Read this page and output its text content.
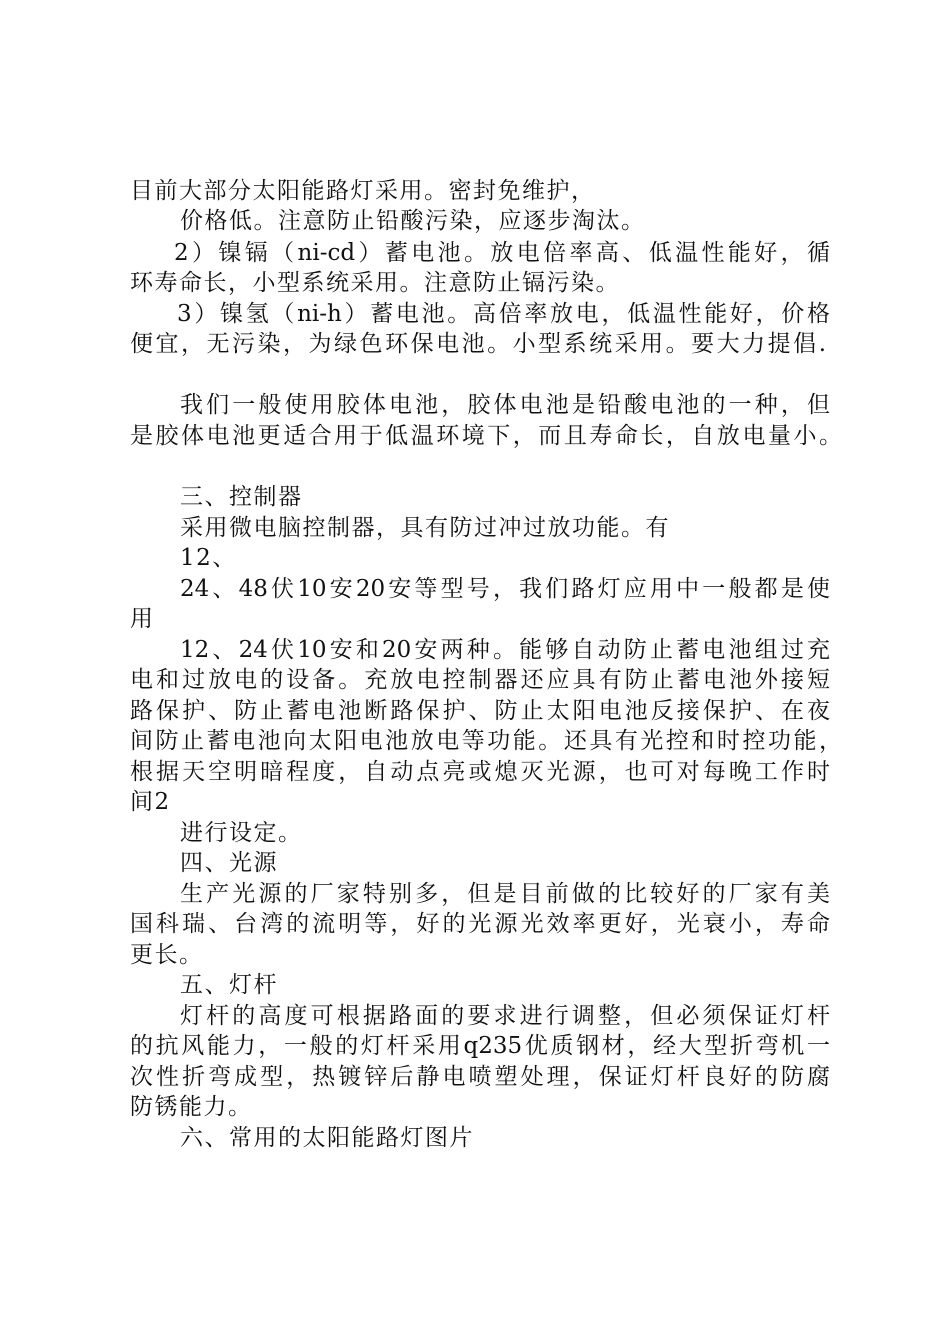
目前大部分太阳能路灯采用。密封免维护，
价格低。注意防止铅酸污染，应逐步淘汰。
2）镍镉（ni-cd）蓄电池。放电倍率高、低温性能好，循
环寿命长，小型系统采用。注意防止镉污染。
3）镍氢（ni-h）蓄电池。高倍率放电，低温性能好，价格
便宜，无污染，为绿色环保电池。小型系统采用。要大力提倡.
我们一般使用胶体电池，胶体电池是铅酸电池的一种，但
是胶体电池更适合用于低温环境下，而且寿命长，自放电量小。
三、控制器
采用微电脑控制器，具有防过冲过放功能。有
12、
24、48伏10安20安等型号，我们路灯应用中一般都是使
用
12、24伏10安和20安两种。能够自动防止蓄电池组过充
电和过放电的设备。充放电控制器还应具有防止蓄电池外接短
路保护、防止蓄电池断路保护、防止太阳电池反接保护、在夜
间防止蓄电池向太阳电池放电等功能。还具有光控和时控功能，
根据天空明暗程度，自动点亮或熄灭光源，也可对每晚工作时
间2
进行设定。
四、光源
生产光源的厂家特别多，但是目前做的比较好的厂家有美
国科瑞、台湾的流明等，好的光源光效率更好，光衰小，寿命
更长。
五、灯杆
灯杆的高度可根据路面的要求进行调整，但必须保证灯杆
的抗风能力，一般的灯杆采用q235优质钢材，经大型折弯机一
次性折弯成型，热镀锌后静电喷塑处理，保证灯杆良好的防腐
防锈能力。
六、常用的太阳能路灯图片
